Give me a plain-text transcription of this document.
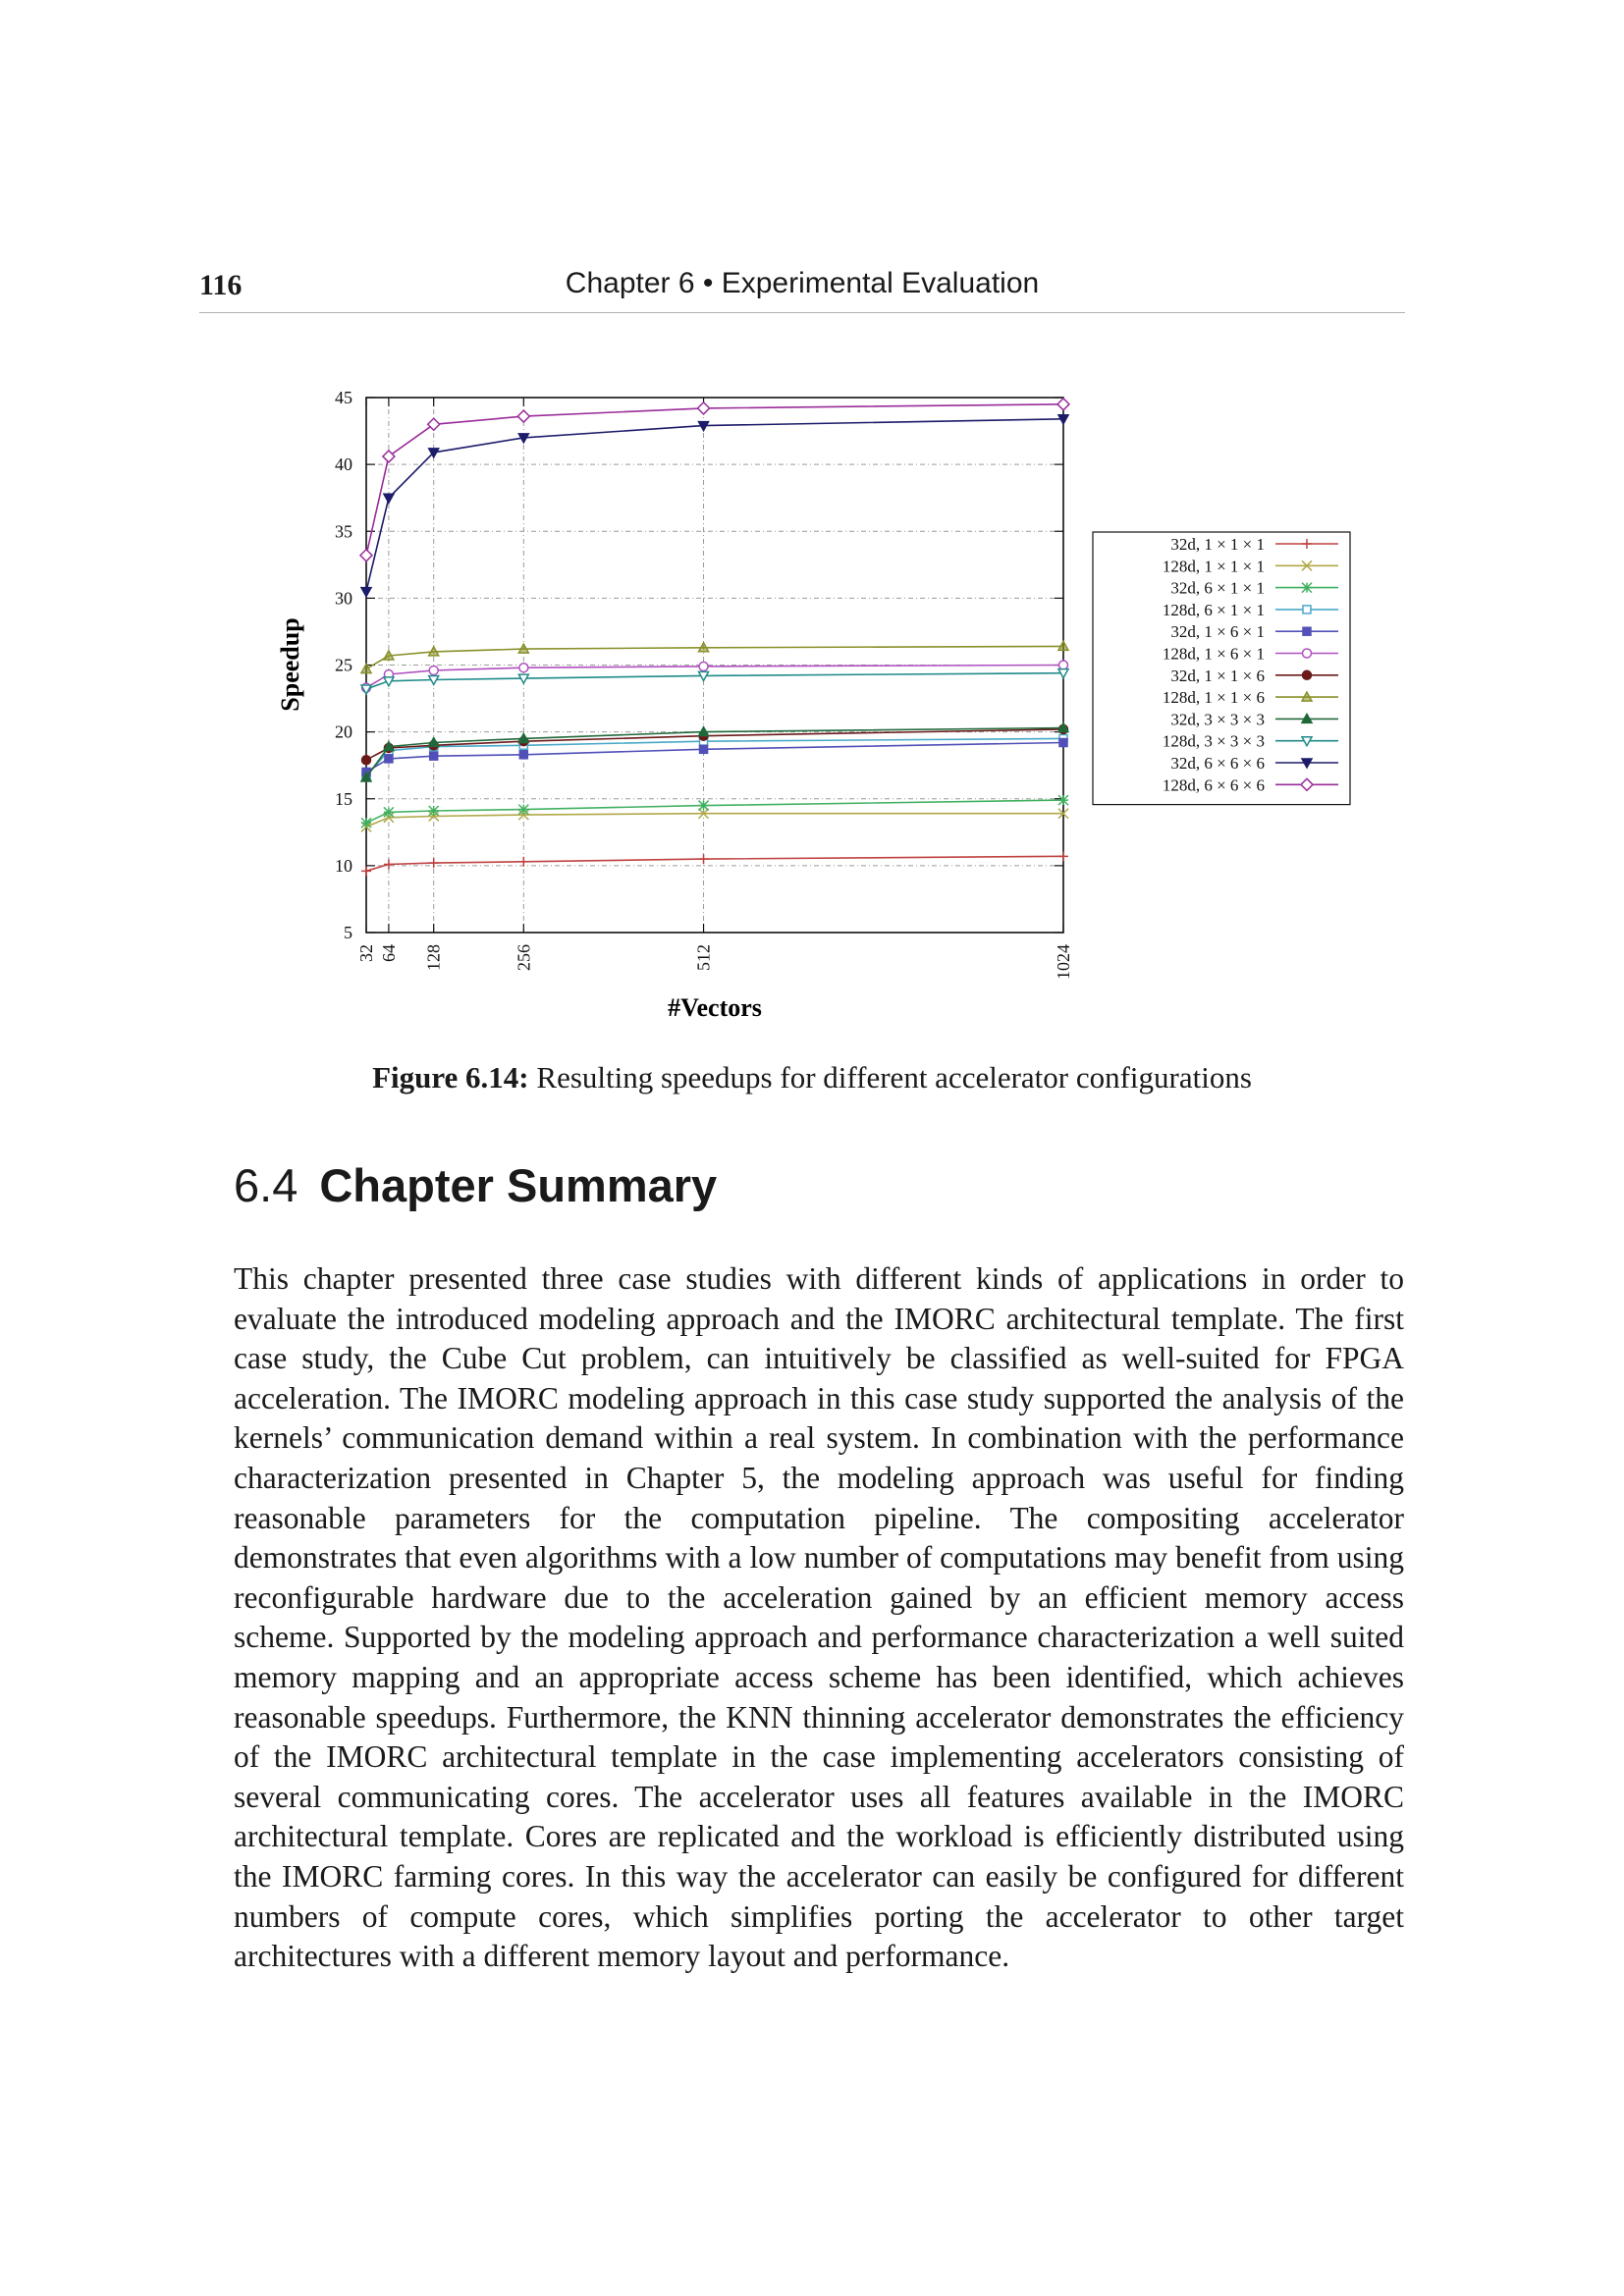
116	Chapter 6 • Experimental Evaluation
5
10
15
20
25
30
35
40
45
32 64 128	256	512	1024
32d, 1 × 1 × 1
128d, 1 × 1 × 1
32d, 6 × 1 × 1
128d, 6 × 1 × 1
32d, 1 × 6 × 1
128d, 1 × 6 × 1
32d, 1 × 1 × 6
128d, 1 × 1 × 6
32d, 3 × 3 × 3
128d, 3 × 3 × 3
32d, 6 × 6 × 6
128d, 6 × 6 × 6
Speedup
#Vectors
Figure 6.14: Resulting speedups for different accelerator configurations
6.4 Chapter Summary

This chapter presented three case studies with different kinds of applications in order to evaluate the introduced modeling approach and the IMORC architectural template. The first case study, the Cube Cut problem, can intuitively be classified as well-suited for FPGA acceleration. The IMORC modeling approach in this case study supported the analysis of the kernels’ communication demand within a real system. In combination with the performance characterization presented in Chapter 5, the modeling approach was useful for finding reasonable parameters for the computation pipeline. The compositing accelerator demonstrates that even algorithms with a low number of computations may benefit from using reconfigurable hardware due to the acceleration gained by an efficient memory access scheme. Supported by the modeling approach and performance characterization a well suited memory mapping and an appropriate access scheme has been identified, which achieves reasonable speedups. Furthermore, the KNN thinning accelerator demonstrates the efficiency of the IMORC architectural template in the case implementing accelerators consisting of several communicating cores. The accelerator uses all features available in the IMORC architectural template. Cores are replicated and the workload is efficiently distributed using the IMORC farming cores. In this way the accelerator can easily be configured for different numbers of compute cores, which simplifies porting the accelerator to other target architectures with a different memory layout and performance.
